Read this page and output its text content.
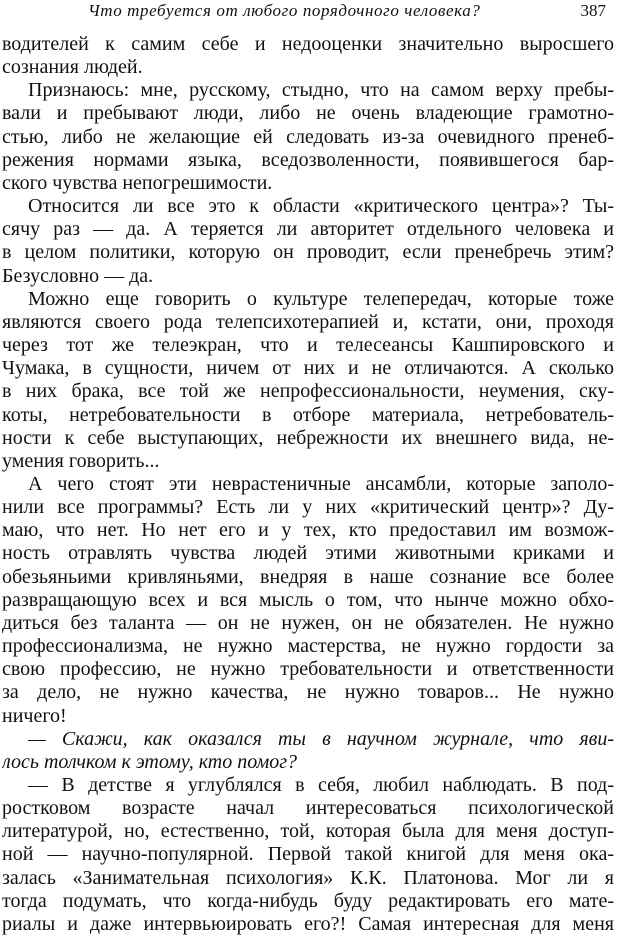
Что требуется от любого порядочного человека?	387
водителей к самим себе и недооценки значительно выросшего
сознания людей.
Признаюсь: мне, русскому, стыдно, что на самом верху пребы-
вали и пребывают люди, либо не очень владеющие грамотно-
стью, либо не желающие ей следовать из-за очевидного пренеб-
режения нормами языка, вседозволенности, появившегося бар-
ского чувства непогрешимости.
Относится ли все это к области «критического центра»? Ты-
сячу раз — да. А теряется ли авторитет отдельного человека и
в целом политики, которую он проводит, если пренебречь этим?
Безусловно — да.
Можно еще говорить о культуре телепередач, которые тоже
являются своего рода телепсихотерапией и, кстати, они, проходя
через тот же телеэкран, что и телесеансы Кашпировского и
Чумака, в сущности, ничем от них и не отличаются. А сколько
в них брака, все той же непрофессиональности, неумения, ску-
коты, нетребовательности в отборе материала, нетребователь-
ности к себе выступающих, небрежности их внешнего вида, не-
умения говорить...
А чего стоят эти неврастеничные ансамбли, которые заполо-
нили все программы? Есть ли у них «критический центр»? Ду-
маю, что нет. Но нет его и у тех, кто предоставил им возмож-
ность отравлять чувства людей этими животными криками и
обезьяньими кривляньями, внедряя в наше сознание все более
развращающую всех и вся мысль о том, что нынче можно обхо-
диться без таланта — он не нужен, он не обязателен. Не нужно
профессионализма, не нужно мастерства, не нужно гордости за
свою профессию, не нужно требовательности и ответственности
за дело, не нужно качества, не нужно товаров... Не нужно
ничего!
— Скажи, как оказался ты в научном журнале, что яви-
лось толчком к этому, кто помог?
— В детстве я углублялся в себя, любил наблюдать. В под-
ростковом возрасте начал интересоваться психологической
литературой, но, естественно, той, которая была для меня доступ-
ной — научно-популярной. Первой такой книгой для меня ока-
залась «Занимательная психология» К.К. Платонова. Мог ли я
тогда подумать, что когда-нибудь буду редактировать его мате-
риалы и даже интервьюировать его?! Самая интересная для меня
